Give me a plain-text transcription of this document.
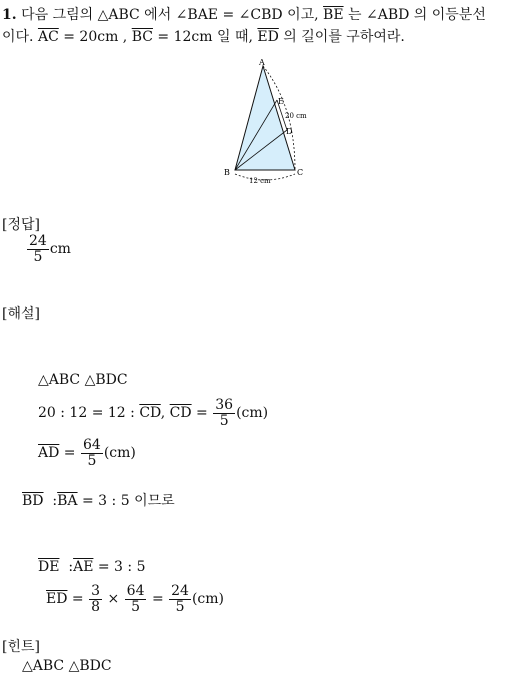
1. 다음 그림의 △ABC 에서 ∠BAE = ∠CBD 이고, $\overline{BE}$ 는 ∠ABD 의 이등분선
이다. $\overline{AC} = 20cm$ , $\overline{BC} = 12cm$ 일 때, $\overline{ED}$ 의 길이를 구하여라.
A
B	C
D
E
20 cm
12 cm
[정답]
$\frac{24}{5}$ cm
[해설]
△ABC △BDC
20 : 12 = 12 : $\overline{CD}$, $\overline{CD} = \frac{36}{5} (cm)$
$\overline{AD} = \frac{64}{5} (cm)$
$\overline{BD}$ $:\overline{BA} = 3$ : 5 이므로
$\overline{DE}$ $:\overline{AE} = 3$ : 5
$\overline{ED} = \frac{3}{8} \times \frac{64}{5} = \frac{24}{5} (cm)$
[힌트]
△ABC △BDC
